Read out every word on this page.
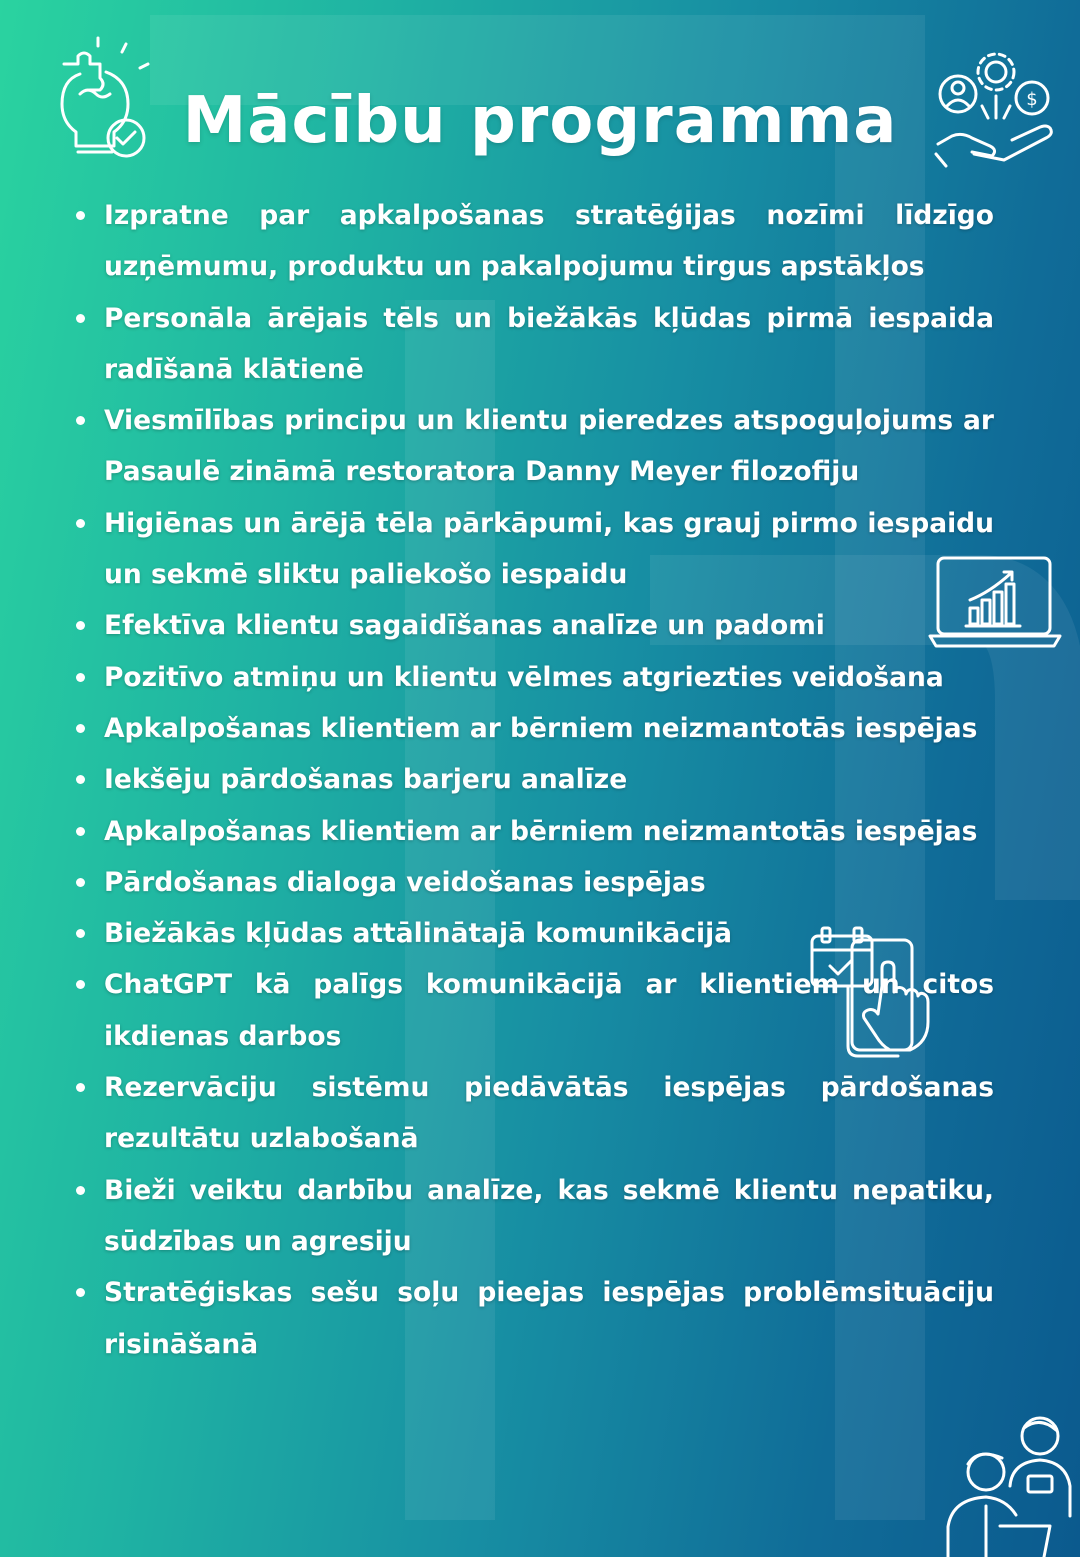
Mācību programma	$
Izpratne par apkalpošanas stratēģijas nozīmi līdzīgo uzņēmumu, produktu un pakalpojumu tirgus apstākļos
Personāla ārējais tēls un biežākās kļūdas pirmā iespaida radīšanā klātienē
Viesmīlības principu un klientu pieredzes atspoguļojums ar Pasaulē zināmā restoratora Danny Meyer filozofiju
Higiēnas un ārējā tēla pārkāpumi, kas grauj pirmo iespaidu un sekmē sliktu paliekošo iespaidu
Efektīva klientu sagaidīšanas analīze un padomi
Pozitīvo atmiņu un klientu vēlmes atgriezties veidošana
Apkalpošanas klientiem ar bērniem neizmantotās iespējas
Iekšēju pārdošanas barjeru analīze
Apkalpošanas klientiem ar bērniem neizmantotās iespējas
Pārdošanas dialoga veidošanas iespējas
Biežākās kļūdas attālinātajā komunikācijā
ChatGPT kā palīgs komunikācijā ar klientiem un citos ikdienas darbos
Rezervāciju sistēmu piedāvātās iespējas pārdošanas rezultātu uzlabošanā
Bieži veiktu darbību analīze, kas sekmē klientu nepatiku, sūdzības un agresiju
Stratēģiskas sešu soļu pieejas iespējas problēmsituāciju risināšanā
